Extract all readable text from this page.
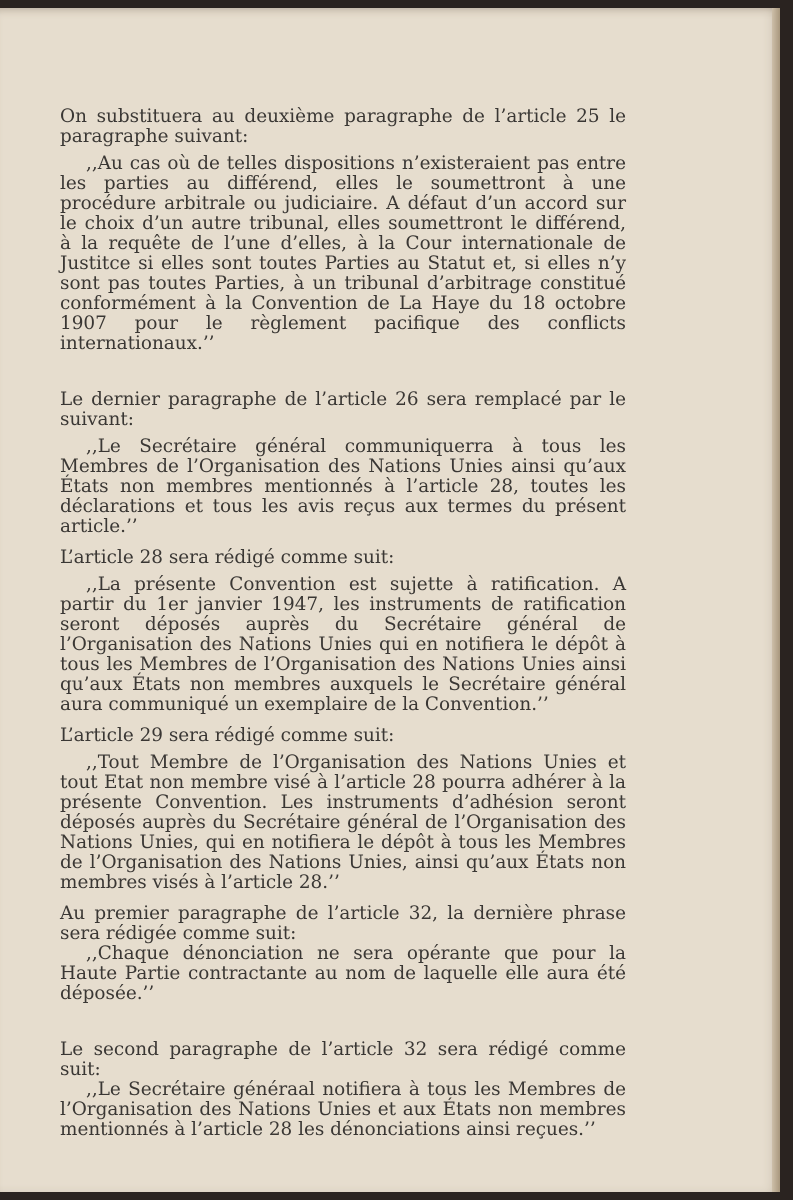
On substituera au deuxième paragraphe de l’article 25 le paragraphe suivant:

,,Au cas où de telles dispositions n’existeraient pas entre les parties au différend, elles le soumettront à une procédure arbitrale ou judiciaire. A défaut d’un accord sur le choix d’un autre tribunal, elles soumettront le différend, à la requête de l’une d’elles, à la Cour internationale de Justitce si elles sont toutes Parties au Statut et, si elles n’y sont pas toutes Parties, à un tribunal d’arbitrage constitué conformément à la Convention de La Haye du 18 octobre 1907 pour le règlement pacifique des conflicts internationaux.’’

Le dernier paragraphe de l’article 26 sera remplacé par le suivant:

,,Le Secrétaire général communiquerra à tous les Membres de l’Organisation des Nations Unies ainsi qu’aux États non membres mentionnés à l’article 28, toutes les déclarations et tous les avis reçus aux termes du présent article.’’

L’article 28 sera rédigé comme suit:

,,La présente Convention est sujette à ratification. A partir du 1er janvier 1947, les instruments de ratification seront déposés auprès du Secrétaire général de l’Organisation des Nations Unies qui en notifiera le dépôt à tous les Membres de l’Organisation des Nations Unies ainsi qu’aux États non membres auxquels le Secrétaire général aura communiqué un exemplaire de la Convention.’’

L’article 29 sera rédigé comme suit:

,,Tout Membre de l’Organisation des Nations Unies et tout Etat non membre visé à l’article 28 pourra adhérer à la présente Convention. Les instruments d’adhésion seront déposés auprès du Secrétaire général de l’Organisation des Nations Unies, qui en notifiera le dépôt à tous les Membres de l’Organisation des Nations Unies, ainsi qu’aux États non membres visés à l’article 28.’’

Au premier paragraphe de l’article 32, la dernière phrase sera rédigée comme suit:

,,Chaque dénonciation ne sera opérante que pour la Haute Partie contractante au nom de laquelle elle aura été déposée.’’

Le second paragraphe de l’article 32 sera rédigé comme suit:

,,Le Secrétaire généraal notifiera à tous les Membres de l’Organisation des Nations Unies et aux États non membres mentionnés à l’article 28 les dénonciations ainsi reçues.’’
